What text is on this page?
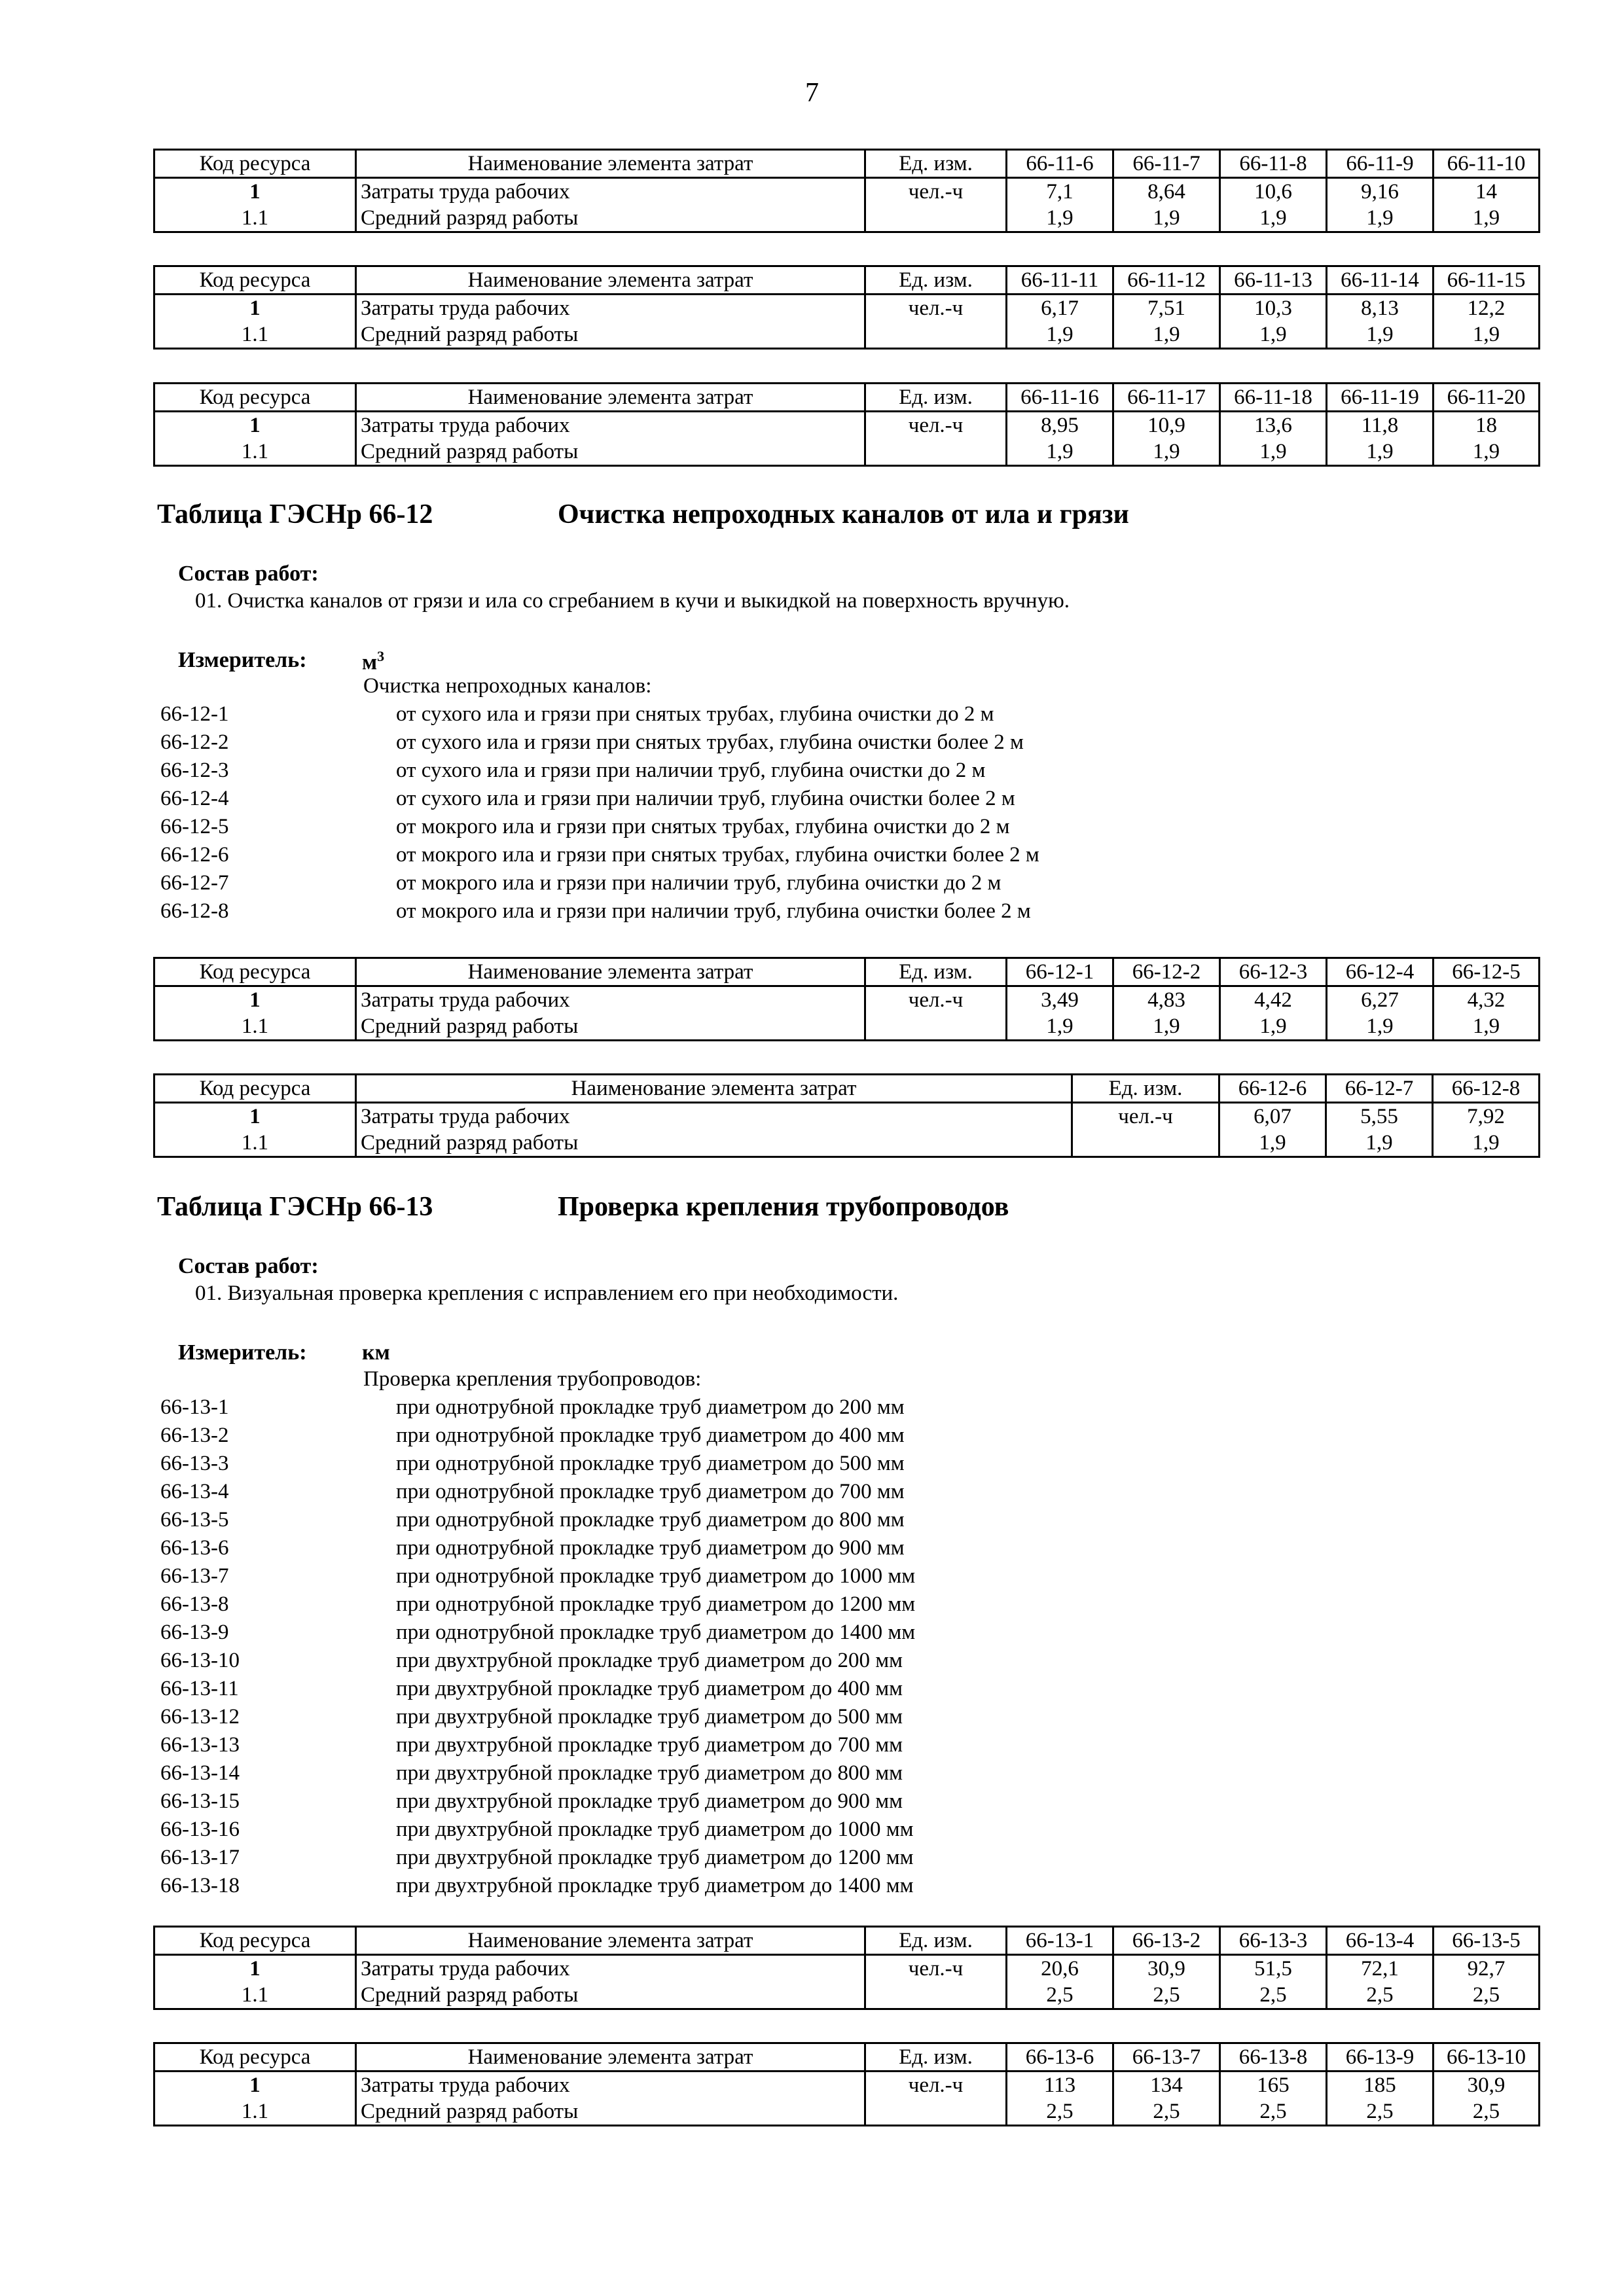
7
Код ресурса	Наименование элемента затрат	Ед. изм.	66-11-6	66-11-7	66-11-8	66-11-9	66-11-10
1	Затраты труда рабочих	чел.-ч	7,1	8,64	10,6	9,16	14
1.1	Средний разряд работы		1,9	1,9	1,9	1,9	1,9
Код ресурса	Наименование элемента затрат	Ед. изм.	66-11-11	66-11-12	66-11-13	66-11-14	66-11-15
1	Затраты труда рабочих	чел.-ч	6,17	7,51	10,3	8,13	12,2
1.1	Средний разряд работы		1,9	1,9	1,9	1,9	1,9
Код ресурса	Наименование элемента затрат	Ед. изм.	66-11-16	66-11-17	66-11-18	66-11-19	66-11-20
1	Затраты труда рабочих	чел.-ч	8,95	10,9	13,6	11,8	18
1.1	Средний разряд работы		1,9	1,9	1,9	1,9	1,9
Таблица ГЭСНр 66-12	Очистка непроходных каналов от ила и грязи
Состав работ:
01. Очистка каналов от грязи и ила со сгребанием в кучи и выкидкой на поверхность вручную.
Измеритель: $м^3$
Очистка непроходных каналов:
66-12-1	от сухого ила и грязи при снятых трубах, глубина очистки до 2 м
66-12-2	от сухого ила и грязи при снятых трубах, глубина очистки более 2 м
66-12-3	от сухого ила и грязи при наличии труб, глубина очистки до 2 м
66-12-4	от сухого ила и грязи при наличии труб, глубина очистки более 2 м
66-12-5	от мокрого ила и грязи при снятых трубах, глубина очистки до 2 м
66-12-6	от мокрого ила и грязи при снятых трубах, глубина очистки более 2 м
66-12-7	от мокрого ила и грязи при наличии труб, глубина очистки до 2 м
66-12-8	от мокрого ила и грязи при наличии труб, глубина очистки более 2 м
Код ресурса	Наименование элемента затрат	Ед. изм.	66-12-1	66-12-2	66-12-3	66-12-4	66-12-5
1	Затраты труда рабочих	чел.-ч	3,49	4,83	4,42	6,27	4,32
1.1	Средний разряд работы		1,9	1,9	1,9	1,9	1,9
Код ресурса	Наименование элемента затрат	Ед. изм.	66-12-6	66-12-7	66-12-8
1	Затраты труда рабочих	чел.-ч	6,07	5,55	7,92
1.1	Средний разряд работы		1,9	1,9	1,9
Таблица ГЭСНр 66-13	Проверка крепления трубопроводов
Состав работ:
01. Визуальная проверка крепления с исправлением его при необходимости.
Измеритель: км
Проверка крепления трубопроводов:
66-13-1	при однотрубной прокладке труб диаметром до 200 мм
66-13-2	при однотрубной прокладке труб диаметром до 400 мм
66-13-3	при однотрубной прокладке труб диаметром до 500 мм
66-13-4	при однотрубной прокладке труб диаметром до 700 мм
66-13-5	при однотрубной прокладке труб диаметром до 800 мм
66-13-6	при однотрубной прокладке труб диаметром до 900 мм
66-13-7	при однотрубной прокладке труб диаметром до 1000 мм
66-13-8	при однотрубной прокладке труб диаметром до 1200 мм
66-13-9	при однотрубной прокладке труб диаметром до 1400 мм
66-13-10	при двухтрубной прокладке труб диаметром до 200 мм
66-13-11	при двухтрубной прокладке труб диаметром до 400 мм
66-13-12	при двухтрубной прокладке труб диаметром до 500 мм
66-13-13	при двухтрубной прокладке труб диаметром до 700 мм
66-13-14	при двухтрубной прокладке труб диаметром до 800 мм
66-13-15	при двухтрубной прокладке труб диаметром до 900 мм
66-13-16	при двухтрубной прокладке труб диаметром до 1000 мм
66-13-17	при двухтрубной прокладке труб диаметром до 1200 мм
66-13-18	при двухтрубной прокладке труб диаметром до 1400 мм
Код ресурса	Наименование элемента затрат	Ед. изм.	66-13-1	66-13-2	66-13-3	66-13-4	66-13-5
1	Затраты труда рабочих	чел.-ч	20,6	30,9	51,5	72,1	92,7
1.1	Средний разряд работы		2,5	2,5	2,5	2,5	2,5
Код ресурса	Наименование элемента затрат	Ед. изм.	66-13-6	66-13-7	66-13-8	66-13-9	66-13-10
1	Затраты труда рабочих	чел.-ч	113	134	165	185	30,9
1.1	Средний разряд работы		2,5	2,5	2,5	2,5	2,5
